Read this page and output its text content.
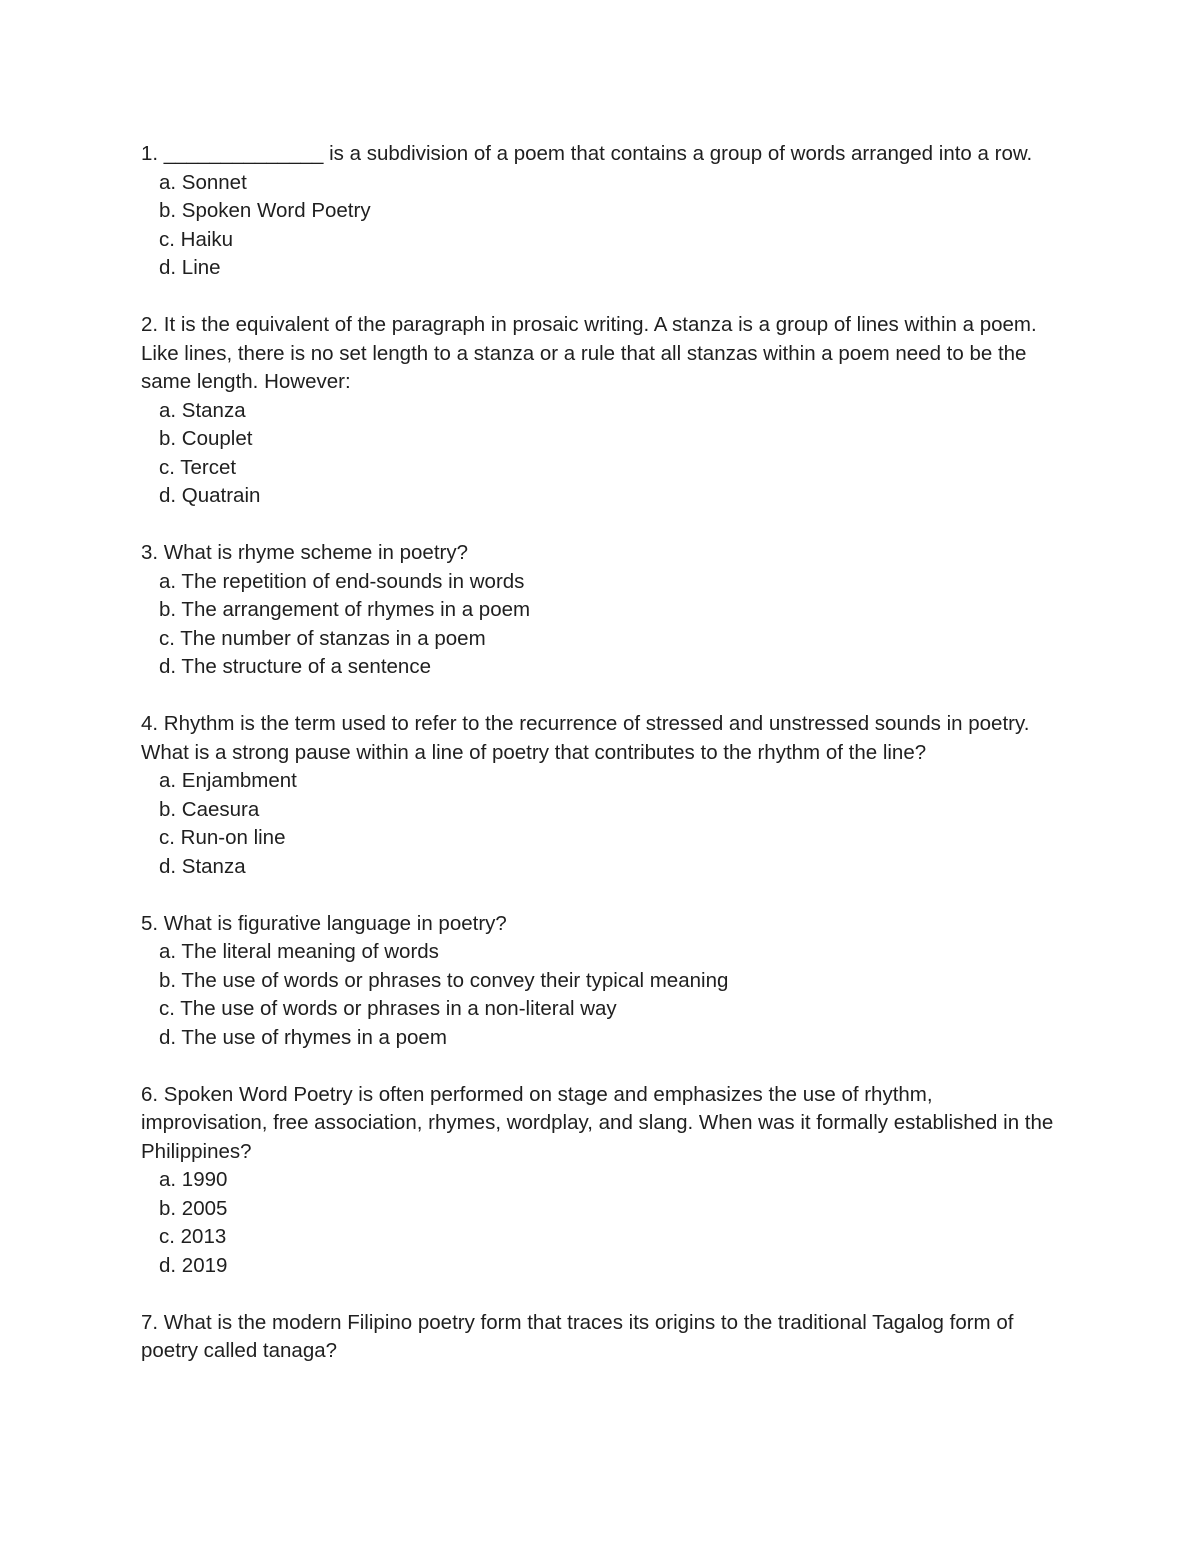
1. ______________ is a subdivision of a poem that contains a group of words arranged into a row.

a. Sonnet
b. Spoken Word Poetry
c. Haiku
d. Line

2. It is the equivalent of the paragraph in prosaic writing. A stanza is a group of lines within a poem. Like lines, there is no set length to a stanza or a rule that all stanzas within a poem need to be the same length. However:

a. Stanza
b. Couplet
c. Tercet
d. Quatrain

3. What is rhyme scheme in poetry?

a. The repetition of end-sounds in words
b. The arrangement of rhymes in a poem
c. The number of stanzas in a poem
d. The structure of a sentence

4. Rhythm is the term used to refer to the recurrence of stressed and unstressed sounds in poetry. What is a strong pause within a line of poetry that contributes to the rhythm of the line?

a. Enjambment
b. Caesura
c. Run-on line
d. Stanza

5. What is figurative language in poetry?

a. The literal meaning of words
b. The use of words or phrases to convey their typical meaning
c. The use of words or phrases in a non-literal way
d. The use of rhymes in a poem

6. Spoken Word Poetry is often performed on stage and emphasizes the use of rhythm, improvisation, free association, rhymes, wordplay, and slang. When was it formally established in the Philippines?

a. 1990
b. 2005
c. 2013
d. 2019

7. What is the modern Filipino poetry form that traces its origins to the traditional Tagalog form of poetry called tanaga?
